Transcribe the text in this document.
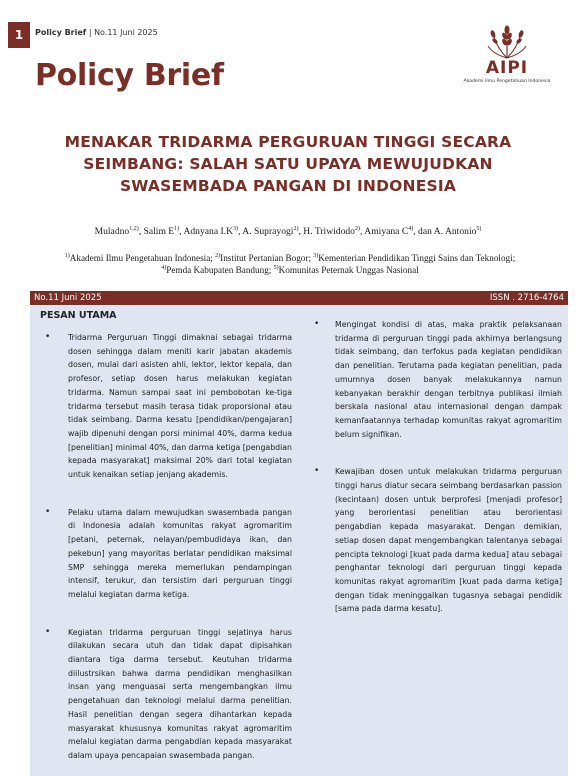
1	Policy Brief | No.11 Juni 2025
Policy Brief	AIPI
Akademi Ilmu Pengetahuan Indonesia
MENAKAR TRIDARMA PERGURUAN TINGGI SECARA SEIMBANG: SALAH SATU UPAYA MEWUJUDKAN SWASEMBADA PANGAN DI INDONESIA
Muladno$^{1,2)}$, Salim $E^{1)}$, Adnyana $I.K^{3)}$, A. Suprayogi$^{2)}$, H. Triwidodo$^{2)}$, Amiyana $C^{4)}$, dan A. Antonio$^{5)}$
$^{1)}$Akademi Ilmu Pengetahuan Indonesia; $^{2)}$Institut Pertanian Bogor; $^{3)}$Kementerian Pendidikan Tinggi Sains dan Teknologi;
$^{4)}$Pemda Kabupaten Bandung; $^{5)}$Komunitas Peternak Unggas Nasional
No.11 Juni 2025	ISSN . 2716-4764
PESAN UTAMA
• Tridarma Perguruan Tinggi dimaknai sebagai tridarma dosen sehingga dalam meniti karir jabatan akademis dosen, mulai dari asisten ahli, lektor, lektor kepala, dan profesor, setiap dosen harus melakukan kegiatan tridarma. Namun sampai saat ini pembobotan ke-tiga tridarma tersebut masih terasa tidak proporsional atau tidak seimbang. Darma kesatu [pendidikan/pengajaran] wajib dipenuhi dengan porsi minimal 40%, darma kedua [penelitian] minimal 40%, dan darma ketiga [pengabdian kepada masyarakat] maksimal 20% dari total kegiatan untuk kenaikan setiap jenjang akademis.
• Pelaku utama dalam mewujudkan swasembada pangan di Indonesia adalah komunitas rakyat agromaritim [petani, peternak, nelayan/pembudidaya ikan, dan pekebun] yang mayoritas berlatar pendidikan maksimal SMP sehingga mereka memerlukan pendampingan intensif, terukur, dan tersistim dari perguruan tinggi melalui kegiatan darma ketiga.
• Kegiatan tridarma perguruan tinggi sejatinya harus dilakukan secara utuh dan tidak dapat dipisahkan diantara tiga darma tersebut. Keutuhan tridarma diilustrsikan bahwa darma pendidikan menghasilkan insan yang menguasai serta mengembangkan ilmu pengetahuan dan teknologi melalui darma penelitian. Hasil penelitian dengan segera dihantarkan kepada masyarakat khususnya komunitas rakyat agromaritim melalui kegiatan darma pengabdian kepada masyarakat dalam upaya pencapaian swasembada pangan.
• Mengingat kondisi di atas, maka praktik pelaksanaan tridarma di perguruan tinggi pada akhirnya berlangsung tidak seimbang, dan terfokus pada kegiatan pendidikan dan penelitian. Terutama pada kegiatan penelitian, pada umumnya dosen banyak melakukannya namun kebanyakan berakhir dengan terbitnya publikasi ilmiah berskala nasional atau internasional dengan dampak kemanfaatannya terhadap komunitas rakyat agromaritim belum signifikan.
• Kewajiban dosen untuk melakukan tridarma perguruan tinggi harus diatur secara seimbang berdasarkan passion (kecintaan) dosen untuk berprofesi [menjadi profesor] yang berorientasi penelitian atau berorientasi pengabdian kepada masyarakat. Dengan demikian, setiap dosen dapat mengembangkan talentanya sebagai pencipta teknologi [kuat pada darma kedua] atau sebagai penghantar teknologi dari perguruan tinggi kepada komunitas rakyat agromaritim [kuat pada darma ketiga] dengan tidak meninggalkan tugasnya sebagai pendidik [sama pada darma kesatu].
